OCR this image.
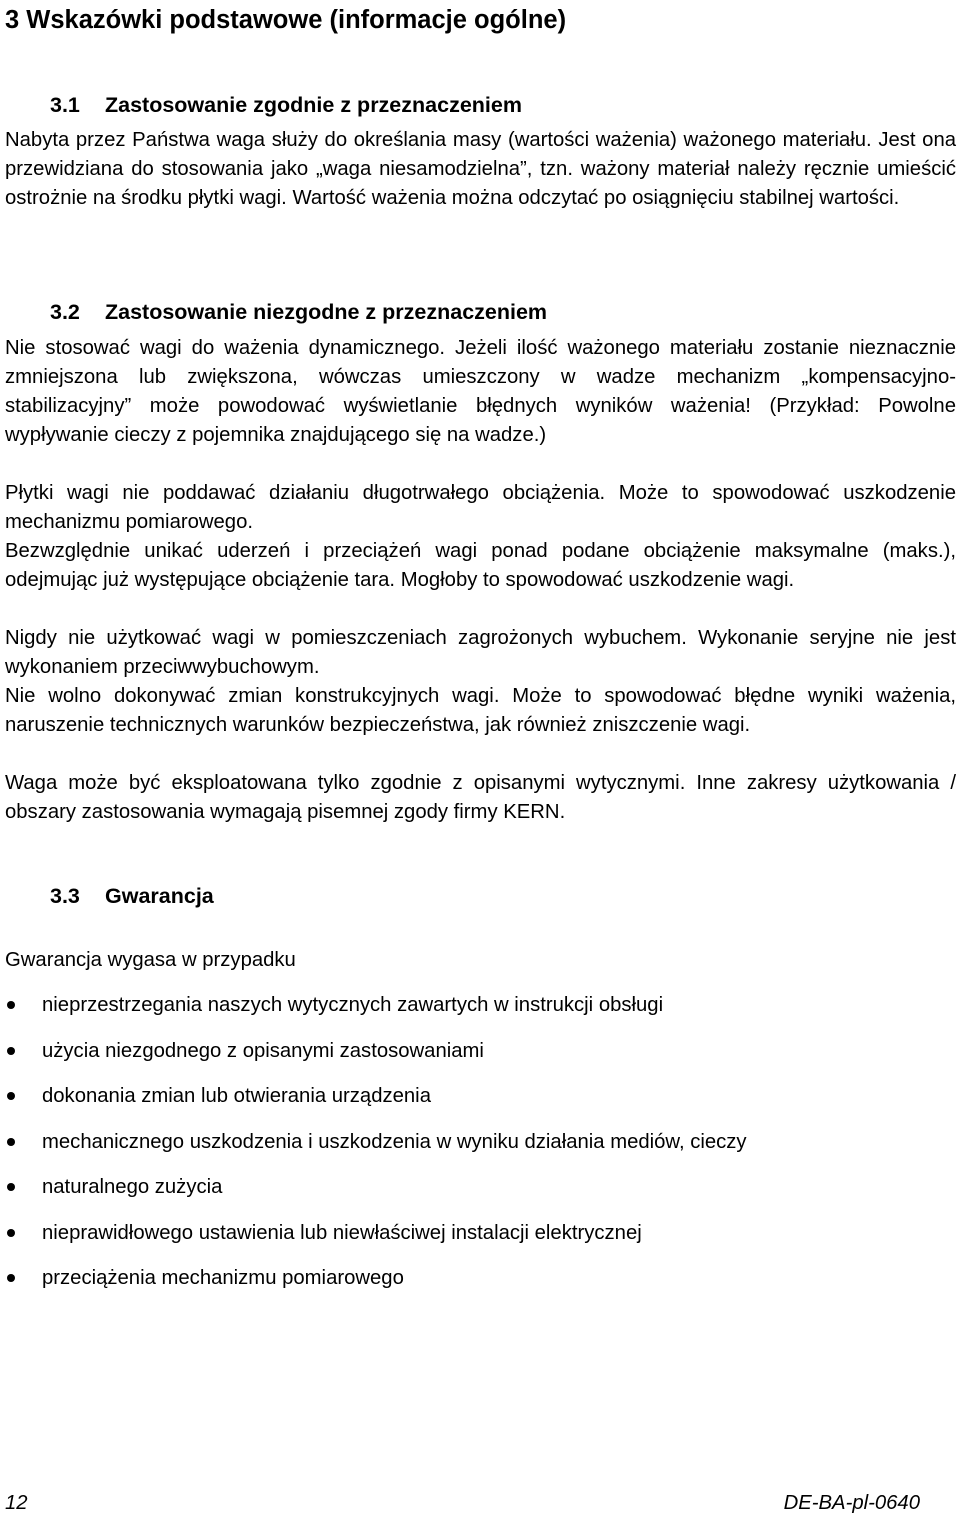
3 Wskazówki podstawowe (informacje ogólne)
3.1 Zastosowanie zgodnie z przeznaczeniem

Nabyta przez Państwa waga służy do określania masy (wartości ważenia) ważonego materiału. Jest ona przewidziana do stosowania jako „waga niesamodzielna”, tzn. ważony materiał należy ręcznie umieścić ostrożnie na środku płytki wagi. Wartość ważenia można odczytać po osiągnięciu stabilnej wartości.

3.2 Zastosowanie niezgodne z przeznaczeniem

Nie stosować wagi do ważenia dynamicznego. Jeżeli ilość ważonego materiału zostanie nieznacznie zmniejszona lub zwiększona, wówczas umieszczony w wadze mechanizm „kompensacyjno-stabilizacyjny” może powodować wyświetlanie błędnych wyników ważenia! (Przykład: Powolne wypływanie cieczy z pojemnika znajdującego się na wadze.)

Płytki wagi nie poddawać działaniu długotrwałego obciążenia. Może to spowodować uszkodzenie mechanizmu pomiarowego.

Bezwzględnie unikać uderzeń i przeciążeń wagi ponad podane obciążenie maksymalne (maks.), odejmując już występujące obciążenie tara. Mogłoby to spowodować uszkodzenie wagi.

Nigdy nie użytkować wagi w pomieszczeniach zagrożonych wybuchem. Wykonanie seryjne nie jest wykonaniem przeciwwybuchowym.

Nie wolno dokonywać zmian konstrukcyjnych wagi. Może to spowodować błędne wyniki ważenia, naruszenie technicznych warunków bezpieczeństwa, jak również zniszczenie wagi.

Waga może być eksploatowana tylko zgodnie z opisanymi wytycznymi. Inne zakresy użytkowania / obszary zastosowania wymagają pisemnej zgody firmy KERN.

3.3 Gwarancja
Gwarancja wygasa w przypadku
nieprzestrzegania naszych wytycznych zawartych w instrukcji obsługi
użycia niezgodnego z opisanymi zastosowaniami
dokonania zmian lub otwierania urządzenia
mechanicznego uszkodzenia i uszkodzenia w wyniku działania mediów, cieczy
naturalnego zużycia
nieprawidłowego ustawienia lub niewłaściwej instalacji elektrycznej
przeciążenia mechanizmu pomiarowego
12	DE-BA-pl-0640
